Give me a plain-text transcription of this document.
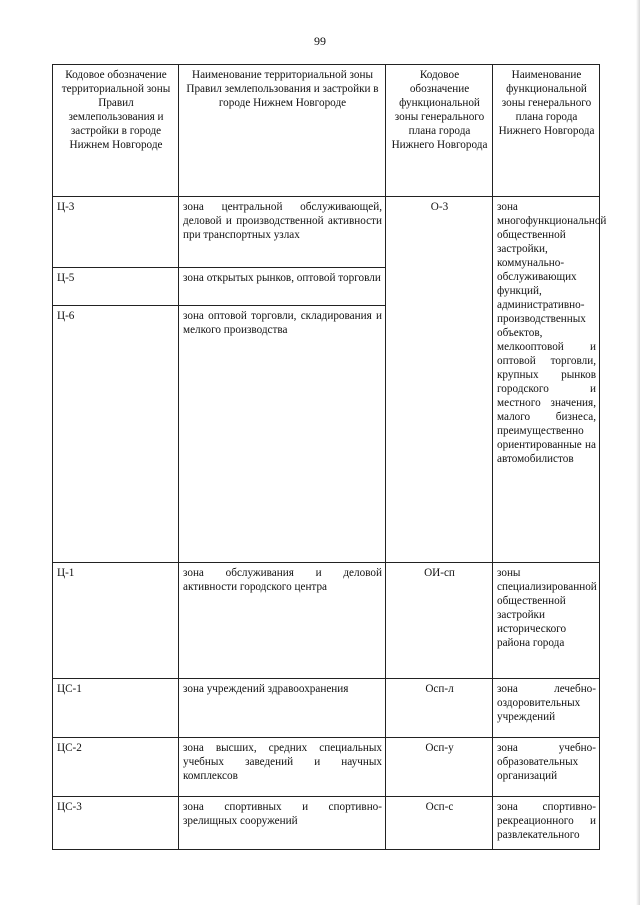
99
Кодовое обозначение территориальной зоны Правил землепользования и застройки в городе Нижнем Новгороде	Наименование территориальной зоны Правил землепользования и застройки в городе Нижнем Новгороде	Кодовое обозначение функциональной зоны генерального плана города Нижнего Новгорода	Наименование функциональной зоны генерального плана города Нижнего Новгорода
Ц-3	зона центральной обслуживающей, деловой и производственной активности при транспортных узлах	О-3	зона многофункциональной общественной застройки, коммунально-обслуживающих функций, административно-производственных объектов, мелкооптовой и оптовой торговли, крупных рынков городского и местного значения, малого бизнеса, преимущественно ориентированные на автомобилистов
Ц-5	зона открытых рынков, оптовой торговли		
Ц-6	зона оптовой торговли, складирования и мелкого производства		
Ц-1	зона обслуживания и деловой активности городского центра	ОИ-сп	зоны специализированной общественной застройки исторического района города
ЦС-1	зона учреждений здравоохранения	Осп-л	зона лечебно-оздоровительных учреждений
ЦС-2	зона высших, средних специальных учебных заведений и научных комплексов	Осп-у	зона учебно-образовательных организаций
ЦС-3	зона спортивных и спортивно-зрелищных сооружений	Осп-с	зона спортивно-рекреационного и развлекательного
